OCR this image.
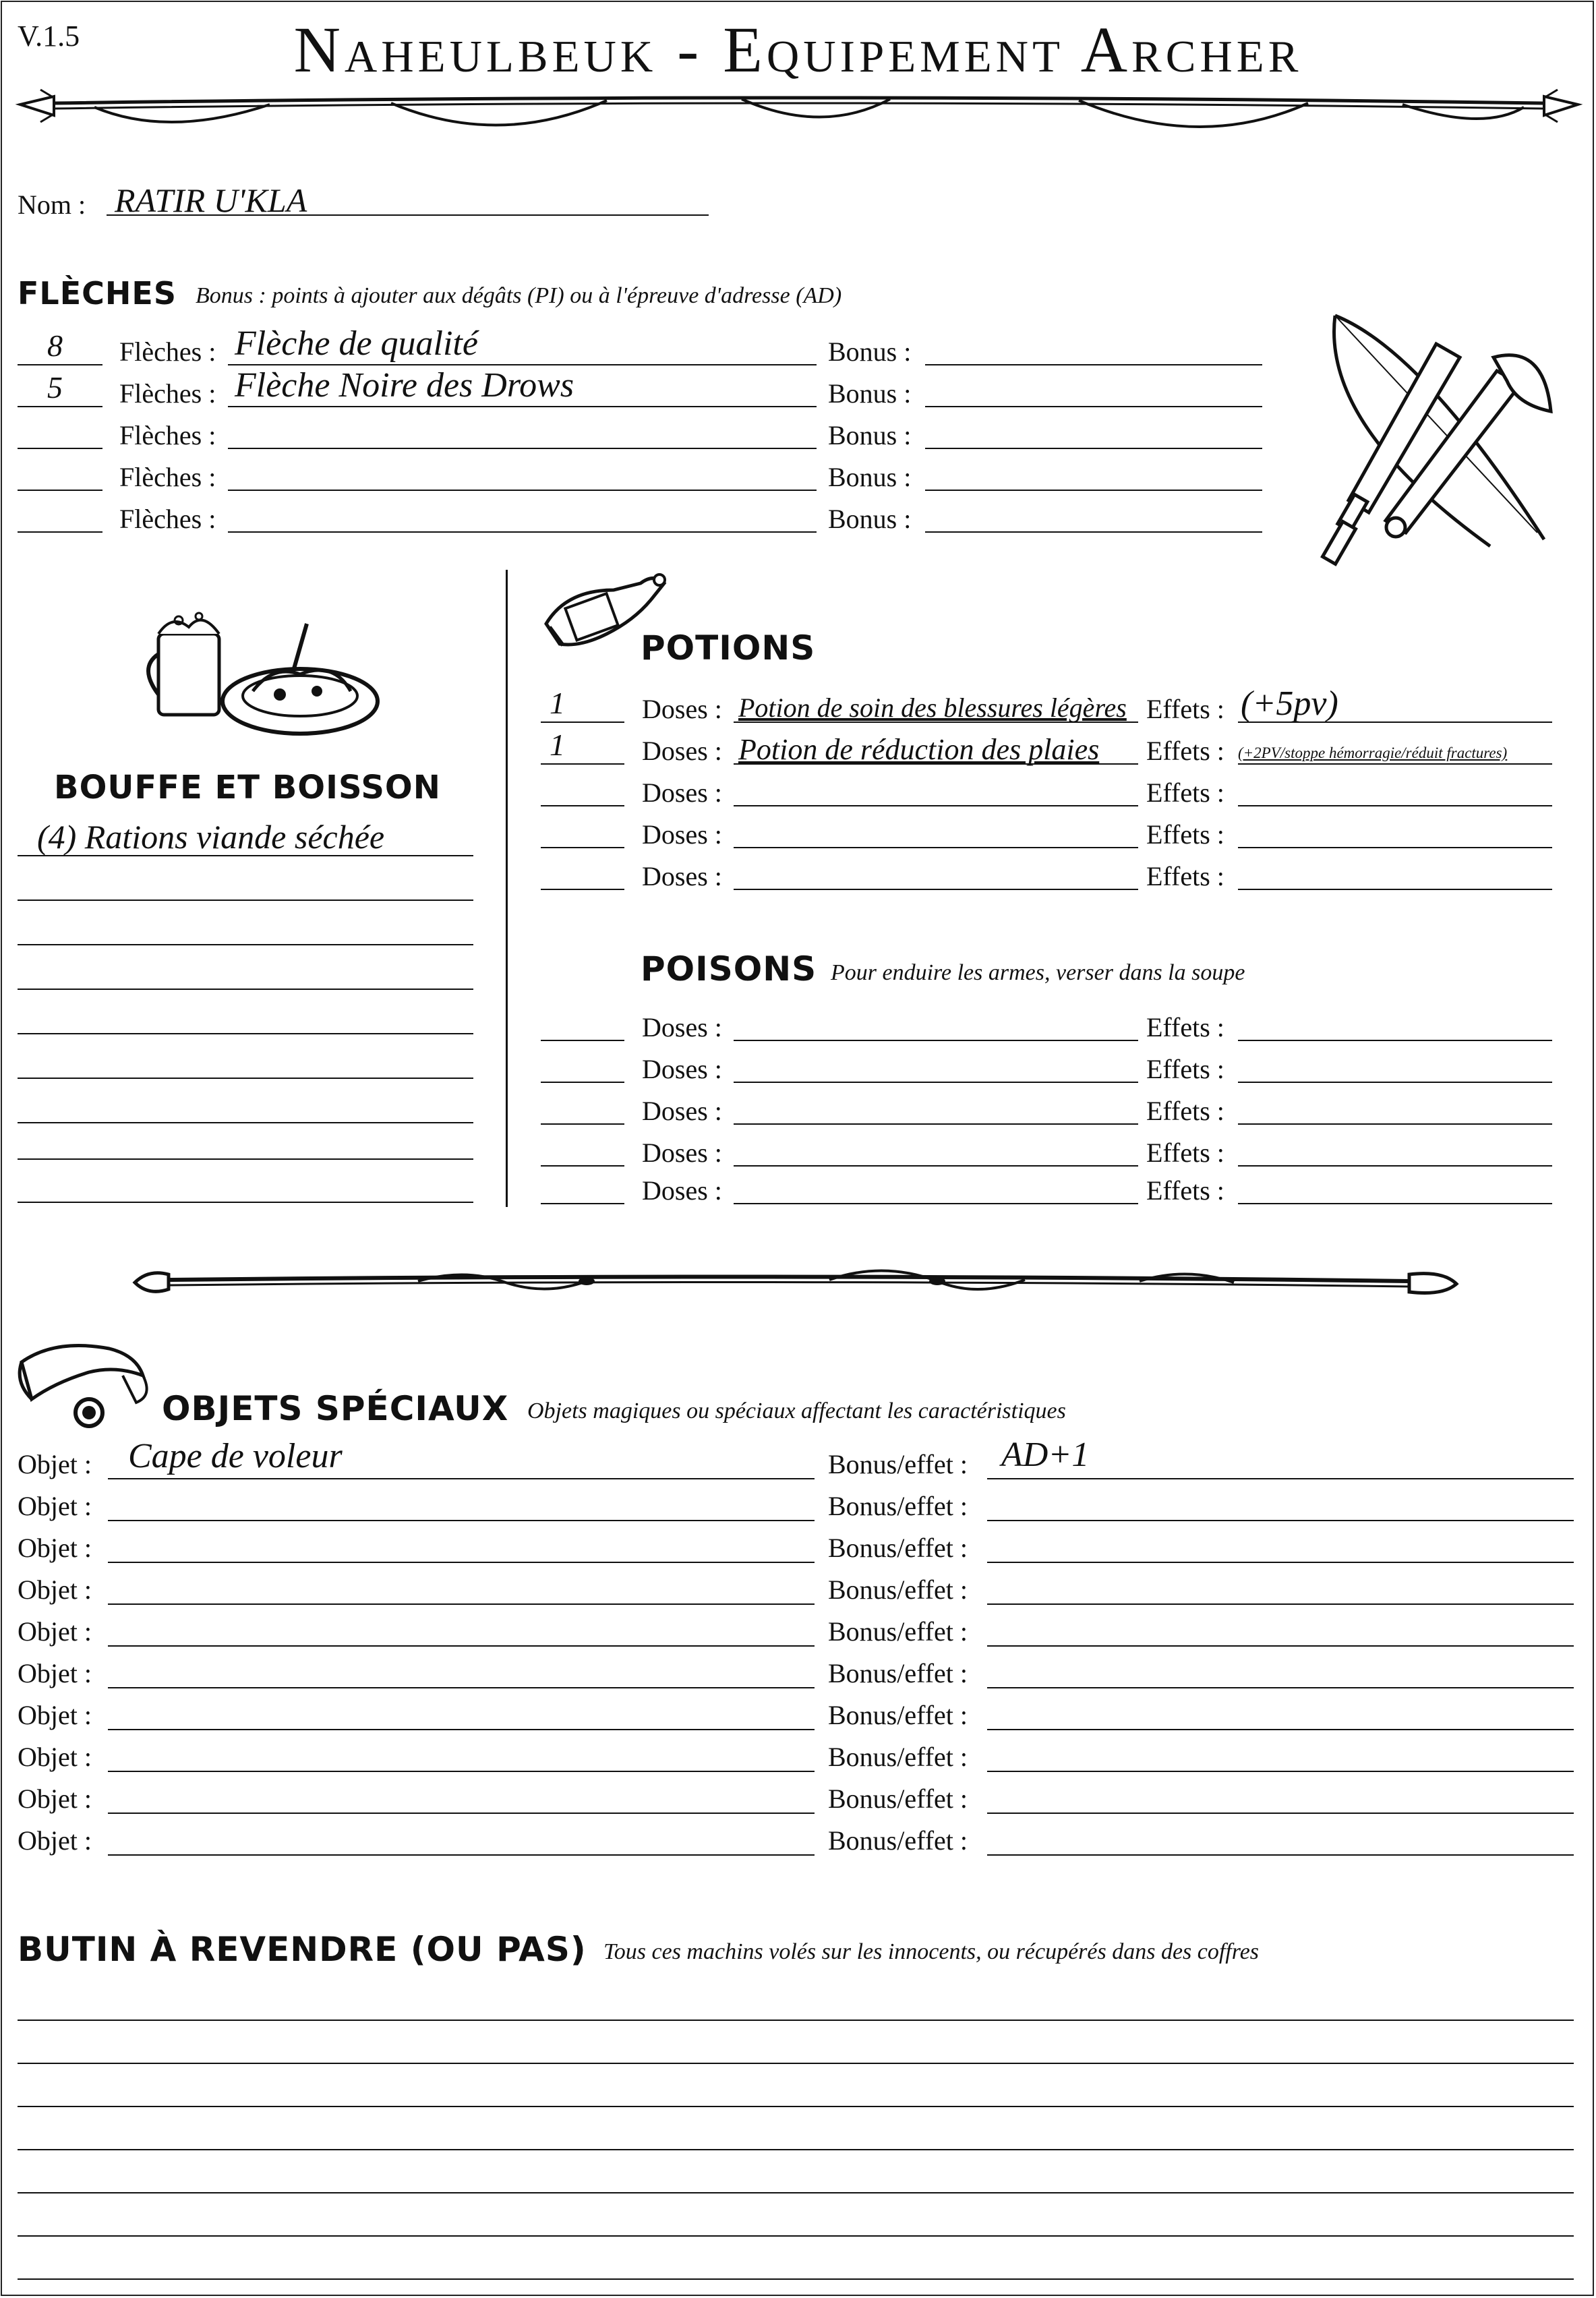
V.1.5	Naheulbeuk - Equipement Archer
Nom : RATIR U'KLA
FLÈCHES Bonus : points à ajouter aux dégâts (PI) ou à l'épreuve d'adresse (AD)
8 Flèches : Flèche de qualité	Bonus :
5 Flèches : Flèche Noire des Drows	Bonus :
Flèches :	Bonus :
Flèches :	Bonus :
Flèches :	Bonus :
BOUFFE ET BOISSON
(4) Rations viande séchée
POTIONS
1	Doses : Potion de soin des blessures légères Effets : (+5pv)
1	Doses : Potion de réduction des plaies Effets : (+2PV/stoppe hémorragie/réduit fractures)
Doses :	Effets :
Doses :	Effets :
Doses :	Effets :
POISONS Pour enduire les armes, verser dans la soupe
Doses :	Effets :
Doses :	Effets :
Doses :	Effets :
Doses :	Effets :
Doses :	Effets :
OBJETS SPÉCIAUX Objets magiques ou spéciaux affectant les caractéristiques
Objet : Cape de voleur	Bonus/effet : AD+1
Objet :	Bonus/effet :
Objet :	Bonus/effet :
Objet :	Bonus/effet :
Objet :	Bonus/effet :
Objet :	Bonus/effet :
Objet :	Bonus/effet :
Objet :	Bonus/effet :
Objet :	Bonus/effet :
Objet :	Bonus/effet :
BUTIN À REVENDRE (OU PAS) Tous ces machins volés sur les innocents, ou récupérés dans des coffres
